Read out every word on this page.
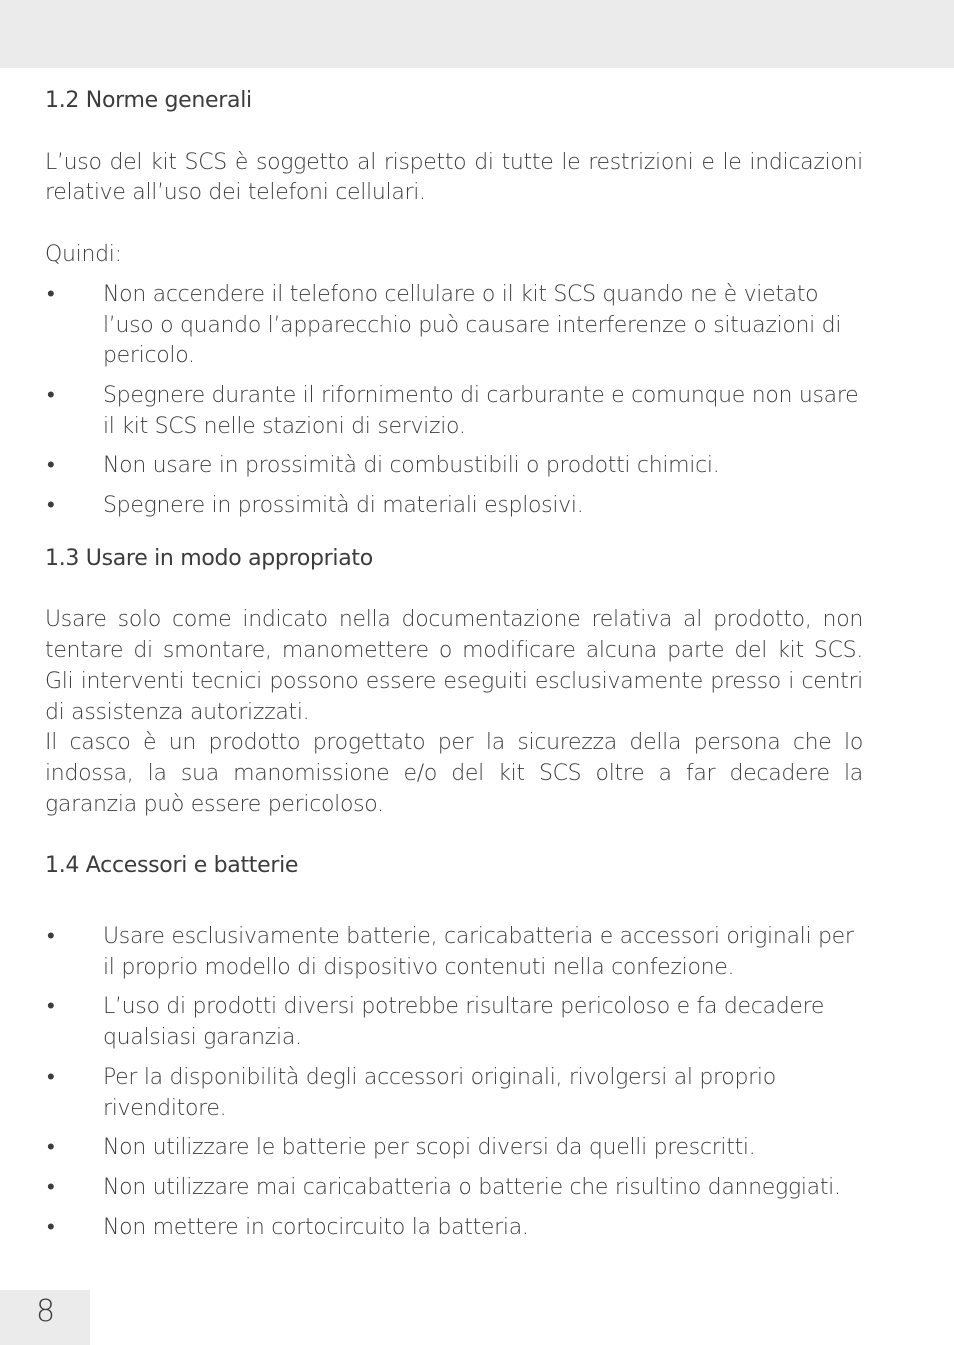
1.2 Norme generali

L’uso del kit SCS è soggetto al rispetto di tutte le restrizioni e le indicazioni relative all’uso dei telefoni cellulari.

Quindi:

• Non accendere il telefono cellulare o il kit SCS quando ne è vietato l’uso o quando l’apparecchio può causare interferenze o situazioni di pericolo.
• Spegnere durante il rifornimento di carburante e comunque non usare il kit SCS nelle stazioni di servizio.
• Non usare in prossimità di combustibili o prodotti chimici.
• Spegnere in prossimità di materiali esplosivi.
1.3 Usare in modo appropriato

Usare solo come indicato nella documentazione relativa al prodotto, non tentare di smontare, manomettere o modificare alcuna parte del kit SCS. Gli interventi tecnici possono essere eseguiti esclusivamente presso i centri di assistenza autorizzati.

Il casco è un prodotto progettato per la sicurezza della persona che lo indossa, la sua manomissione e/o del kit SCS oltre a far decadere la garanzia può essere pericoloso.

1.4 Accessori e batterie
• Usare esclusivamente batterie, caricabatteria e accessori originali per il proprio modello di dispositivo contenuti nella confezione.
• L’uso di prodotti diversi potrebbe risultare pericoloso e fa decadere qualsiasi garanzia.
• Per la disponibilità degli accessori originali, rivolgersi al proprio rivenditore.
• Non utilizzare le batterie per scopi diversi da quelli prescritti.
• Non utilizzare mai caricabatteria o batterie che risultino danneggiati.
• Non mettere in cortocircuito la batteria.
8
